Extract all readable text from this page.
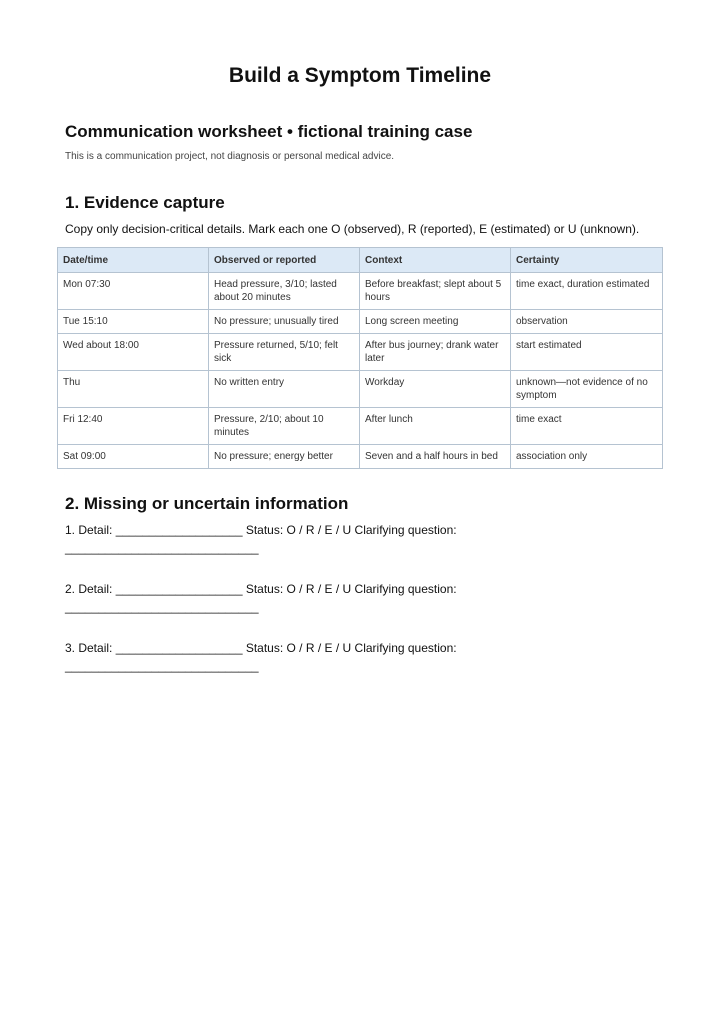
Build a Symptom Timeline
Communication worksheet • fictional training case
This is a communication project, not diagnosis or personal medical advice.
1. Evidence capture
Copy only decision-critical details. Mark each one O (observed), R (reported), E (estimated) or U (unknown).
Date/time	Observed or reported	Context	Certainty
Mon 07:30	Head pressure, 3/10; lasted about 20 minutes	Before breakfast; slept about 5 hours	time exact, duration estimated
Tue 15:10	No pressure; unusually tired	Long screen meeting	observation
Wed about 18:00	Pressure returned, 5/10; felt sick	After bus journey; drank water later	start estimated
Thu	No written entry	Workday	unknown—not evidence of no symptom
Fri 12:40	Pressure, 2/10; about 10 minutes	After lunch	time exact
Sat 09:00	No pressure; energy better	Seven and a half hours in bed	association only
2. Missing or uncertain information
1. Detail: ___________________ Status: O / R / E / U Clarifying question:
_____________________________
2. Detail: ___________________ Status: O / R / E / U Clarifying question:
_____________________________
3. Detail: ___________________ Status: O / R / E / U Clarifying question:
_____________________________
